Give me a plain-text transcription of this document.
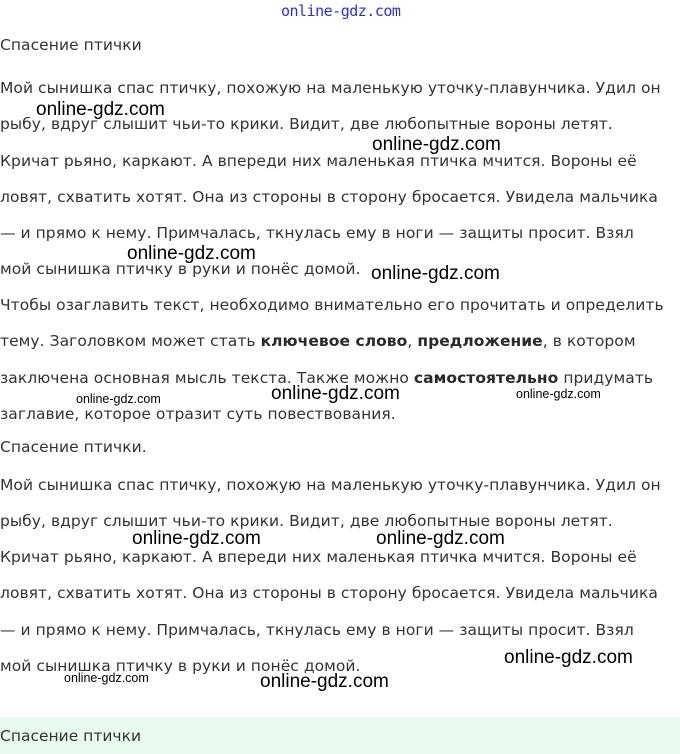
online-gdz.com
Спасение птички
Мой сынишка спас птичку, похожую на маленькую уточку-плавунчика. Удил он
рыбу, вдруг слышит чьи-то крики. Видит, две любопытные вороны летят.
Кричат рьяно, каркают. А впереди них маленькая птичка мчится. Вороны её
ловят, схватить хотят. Она из стороны в сторону бросается. Увидела мальчика
— и прямо к нему. Примчалась, ткнулась ему в ноги — защиты просит. Взял
мой сынишка птичку в руки и понёс домой.
Чтобы озаглавить текст, необходимо внимательно его прочитать и определить
тему. Заголовком может стать ключевое слово, предложение, в котором
заключена основная мысль текста. Также можно самостоятельно придумать
заглавие, которое отразит суть повествования.
Спасение птички.
Мой сынишка спас птичку, похожую на маленькую уточку-плавунчика. Удил он
рыбу, вдруг слышит чьи-то крики. Видит, две любопытные вороны летят.
Кричат рьяно, каркают. А впереди них маленькая птичка мчится. Вороны её
ловят, схватить хотят. Она из стороны в сторону бросается. Увидела мальчика
— и прямо к нему. Примчалась, ткнулась ему в ноги — защиты просит. Взял
мой сынишка птичку в руки и понёс домой.
Спасение птички
online-gdz.com
online-gdz.com
online-gdz.com
online-gdz.com
online-gdz.com
online-gdz.com	online-gdz.com
online-gdz.com	online-gdz.com
online-gdz.com
online-gdz.com	online-gdz.com
